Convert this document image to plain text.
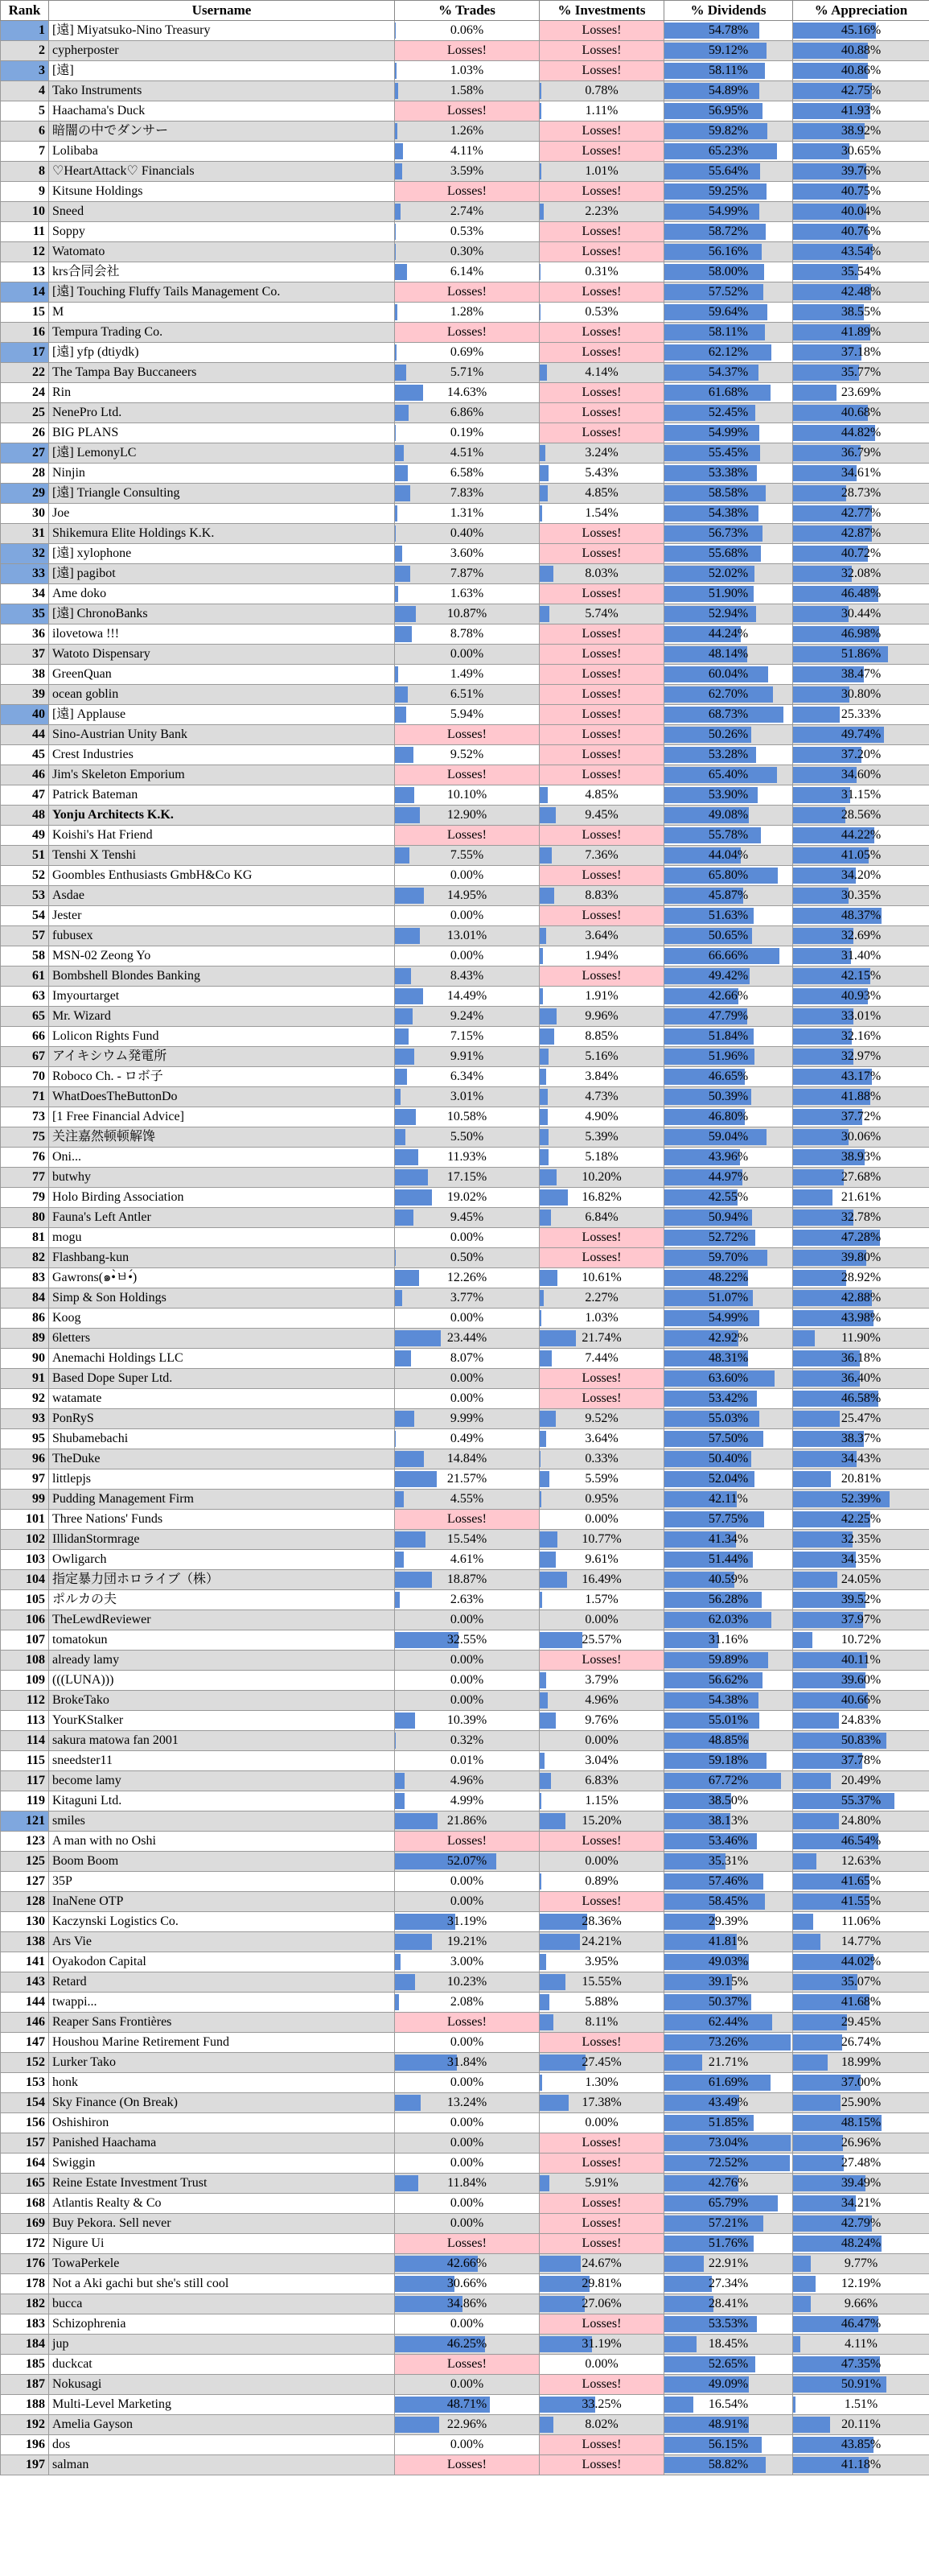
Rank	Username	% Trades	% Investments	% Dividends	% Appreciation
1	[遠] Miyatsuko-Nino Treasury	0.06%	Losses!	54.78%	45.16%
2	cypherposter	Losses!	Losses!	59.12%	40.88%
3	[遠]	1.03%	Losses!	58.11%	40.86%
4	Tako Instruments	1.58%	0.78%	54.89%	42.75%
5	Haachama's Duck	Losses!	1.11%	56.95%	41.93%
6	暗闇の中でダンサー	1.26%	Losses!	59.82%	38.92%
7	Lolibaba	4.11%	Losses!	65.23%	30.65%
8	♡HeartAttack♡ Financials	3.59%	1.01%	55.64%	39.76%
9	Kitsune Holdings	Losses!	Losses!	59.25%	40.75%
10	Sneed	2.74%	2.23%	54.99%	40.04%
11	Soppy	0.53%	Losses!	58.72%	40.76%
12	Watomato	0.30%	Losses!	56.16%	43.54%
13	krs合同会社	6.14%	0.31%	58.00%	35.54%
14	[遠] Touching Fluffy Tails Management Co.	Losses!	Losses!	57.52%	42.48%
15	M	1.28%	0.53%	59.64%	38.55%
16	Tempura Trading Co.	Losses!	Losses!	58.11%	41.89%
17	[遠] yfp (dtiydk)	0.69%	Losses!	62.12%	37.18%
22	The Tampa Bay Buccaneers	5.71%	4.14%	54.37%	35.77%
24	Rin	14.63%	Losses!	61.68%	23.69%
25	NenePro Ltd.	6.86%	Losses!	52.45%	40.68%
26	BIG PLANS	0.19%	Losses!	54.99%	44.82%
27	[遠] LemonyLC	4.51%	3.24%	55.45%	36.79%
28	Ninjin	6.58%	5.43%	53.38%	34.61%
29	[遠] Triangle Consulting	7.83%	4.85%	58.58%	28.73%
30	Joe	1.31%	1.54%	54.38%	42.77%
31	Shikemura Elite Holdings K.K.	0.40%	Losses!	56.73%	42.87%
32	[遠] xylophone	3.60%	Losses!	55.68%	40.72%
33	[遠] pagibot	7.87%	8.03%	52.02%	32.08%
34	Ame doko	1.63%	Losses!	51.90%	46.48%
35	[遠] ChronoBanks	10.87%	5.74%	52.94%	30.44%
36	ilovetowa !!!	8.78%	Losses!	44.24%	46.98%
37	Watoto Dispensary	0.00%	Losses!	48.14%	51.86%
38	GreenQuan	1.49%	Losses!	60.04%	38.47%
39	ocean goblin	6.51%	Losses!	62.70%	30.80%
40	[遠] Applause	5.94%	Losses!	68.73%	25.33%
44	Sino-Austrian Unity Bank	Losses!	Losses!	50.26%	49.74%
45	Crest Industries	9.52%	Losses!	53.28%	37.20%
46	Jim's Skeleton Emporium	Losses!	Losses!	65.40%	34.60%
47	Patrick Bateman	10.10%	4.85%	53.90%	31.15%
48	Yonju Architects K.K.	12.90%	9.45%	49.08%	28.56%
49	Koishi's Hat Friend	Losses!	Losses!	55.78%	44.22%
51	Tenshi X Tenshi	7.55%	7.36%	44.04%	41.05%
52	Goombles Enthusiasts GmbH&Co KG	0.00%	Losses!	65.80%	34.20%
53	Asdae	14.95%	8.83%	45.87%	30.35%
54	Jester	0.00%	Losses!	51.63%	48.37%
57	fubusex	13.01%	3.64%	50.65%	32.69%
58	MSN-02 Zeong Yo	0.00%	1.94%	66.66%	31.40%
61	Bombshell Blondes Banking	8.43%	Losses!	49.42%	42.15%
63	Imyourtarget	14.49%	1.91%	42.66%	40.93%
65	Mr. Wizard	9.24%	9.96%	47.79%	33.01%
66	Lolicon Rights Fund	7.15%	8.85%	51.84%	32.16%
67	アイキシウム発電所	9.91%	5.16%	51.96%	32.97%
70	Roboco Ch. - ロボ子	6.34%	3.84%	46.65%	43.17%
71	WhatDoesTheButtonDo	3.01%	4.73%	50.39%	41.88%
73	[1 Free Financial Advice]	10.58%	4.90%	46.80%	37.72%
75	关注嘉然顿顿解馋	5.50%	5.39%	59.04%	30.06%
76	Oni...	11.93%	5.18%	43.96%	38.93%
77	butwhy	17.15%	10.20%	44.97%	27.68%
79	Holo Birding Association	19.02%	16.82%	42.55%	21.61%
80	Fauna's Left Antler	9.45%	6.84%	50.94%	32.78%
81	mogu	0.00%	Losses!	52.72%	47.28%
82	Flashbang-kun	0.50%	Losses!	59.70%	39.80%
83	Gawrons(๑•̀ㅂ•́)	12.26%	10.61%	48.22%	28.92%
84	Simp & Son Holdings	3.77%	2.27%	51.07%	42.88%
86	Koog	0.00%	1.03%	54.99%	43.98%
89	6letters	23.44%	21.74%	42.92%	11.90%
90	Anemachi Holdings LLC	8.07%	7.44%	48.31%	36.18%
91	Based Dope Super Ltd.	0.00%	Losses!	63.60%	36.40%
92	watamate	0.00%	Losses!	53.42%	46.58%
93	PonRyS	9.99%	9.52%	55.03%	25.47%
95	Shubamebachi	0.49%	3.64%	57.50%	38.37%
96	TheDuke	14.84%	0.33%	50.40%	34.43%
97	littlepjs	21.57%	5.59%	52.04%	20.81%
99	Pudding Management Firm	4.55%	0.95%	42.11%	52.39%
101	Three Nations' Funds	Losses!	0.00%	57.75%	42.25%
102	IllidanStormrage	15.54%	10.77%	41.34%	32.35%
103	Owligarch	4.61%	9.61%	51.44%	34.35%
104	指定暴力団ホロライブ（株）	18.87%	16.49%	40.59%	24.05%
105	ポルカの夫	2.63%	1.57%	56.28%	39.52%
106	TheLewdReviewer	0.00%	0.00%	62.03%	37.97%
107	tomatokun	32.55%	25.57%	31.16%	10.72%
108	already lamy	0.00%	Losses!	59.89%	40.11%
109	(((LUNA)))	0.00%	3.79%	56.62%	39.60%
112	BrokeTako	0.00%	4.96%	54.38%	40.66%
113	YourKStalker	10.39%	9.76%	55.01%	24.83%
114	sakura matowa fan 2001	0.32%	0.00%	48.85%	50.83%
115	sneedster11	0.01%	3.04%	59.18%	37.78%
117	become lamy	4.96%	6.83%	67.72%	20.49%
119	Kitaguni Ltd.	4.99%	1.15%	38.50%	55.37%
121	smiles	21.86%	15.20%	38.13%	24.80%
123	A man with no Oshi	Losses!	Losses!	53.46%	46.54%
125	Boom Boom	52.07%	0.00%	35.31%	12.63%
127	35P	0.00%	0.89%	57.46%	41.65%
128	InaNene OTP	0.00%	Losses!	58.45%	41.55%
130	Kaczynski Logistics Co.	31.19%	28.36%	29.39%	11.06%
138	Ars Vie	19.21%	24.21%	41.81%	14.77%
141	Oyakodon Capital	3.00%	3.95%	49.03%	44.02%
143	Retard	10.23%	15.55%	39.15%	35.07%
144	twappi...	2.08%	5.88%	50.37%	41.68%
146	Reaper Sans Frontières	Losses!	8.11%	62.44%	29.45%
147	Houshou Marine Retirement Fund	0.00%	Losses!	73.26%	26.74%
152	Lurker Tako	31.84%	27.45%	21.71%	18.99%
153	honk	0.00%	1.30%	61.69%	37.00%
154	Sky Finance (On Break)	13.24%	17.38%	43.49%	25.90%
156	Oshishiron	0.00%	0.00%	51.85%	48.15%
157	Panished Haachama	0.00%	Losses!	73.04%	26.96%
164	Swiggin	0.00%	Losses!	72.52%	27.48%
165	Reine Estate Investment Trust	11.84%	5.91%	42.76%	39.49%
168	Atlantis Realty & Co	0.00%	Losses!	65.79%	34.21%
169	Buy Pekora. Sell never	0.00%	Losses!	57.21%	42.79%
172	Nigure Ui	Losses!	Losses!	51.76%	48.24%
176	TowaPerkele	42.66%	24.67%	22.91%	9.77%
178	Not a Aki gachi but she's still cool	30.66%	29.81%	27.34%	12.19%
182	bucca	34.86%	27.06%	28.41%	9.66%
183	Schizophrenia	0.00%	Losses!	53.53%	46.47%
184	jup	46.25%	31.19%	18.45%	4.11%
185	duckcat	Losses!	0.00%	52.65%	47.35%
187	Nokusagi	0.00%	Losses!	49.09%	50.91%
188	Multi-Level Marketing	48.71%	33.25%	16.54%	1.51%
192	Amelia Gayson	22.96%	8.02%	48.91%	20.11%
196	dos	0.00%	Losses!	56.15%	43.85%
197	salman	Losses!	Losses!	58.82%	41.18%
